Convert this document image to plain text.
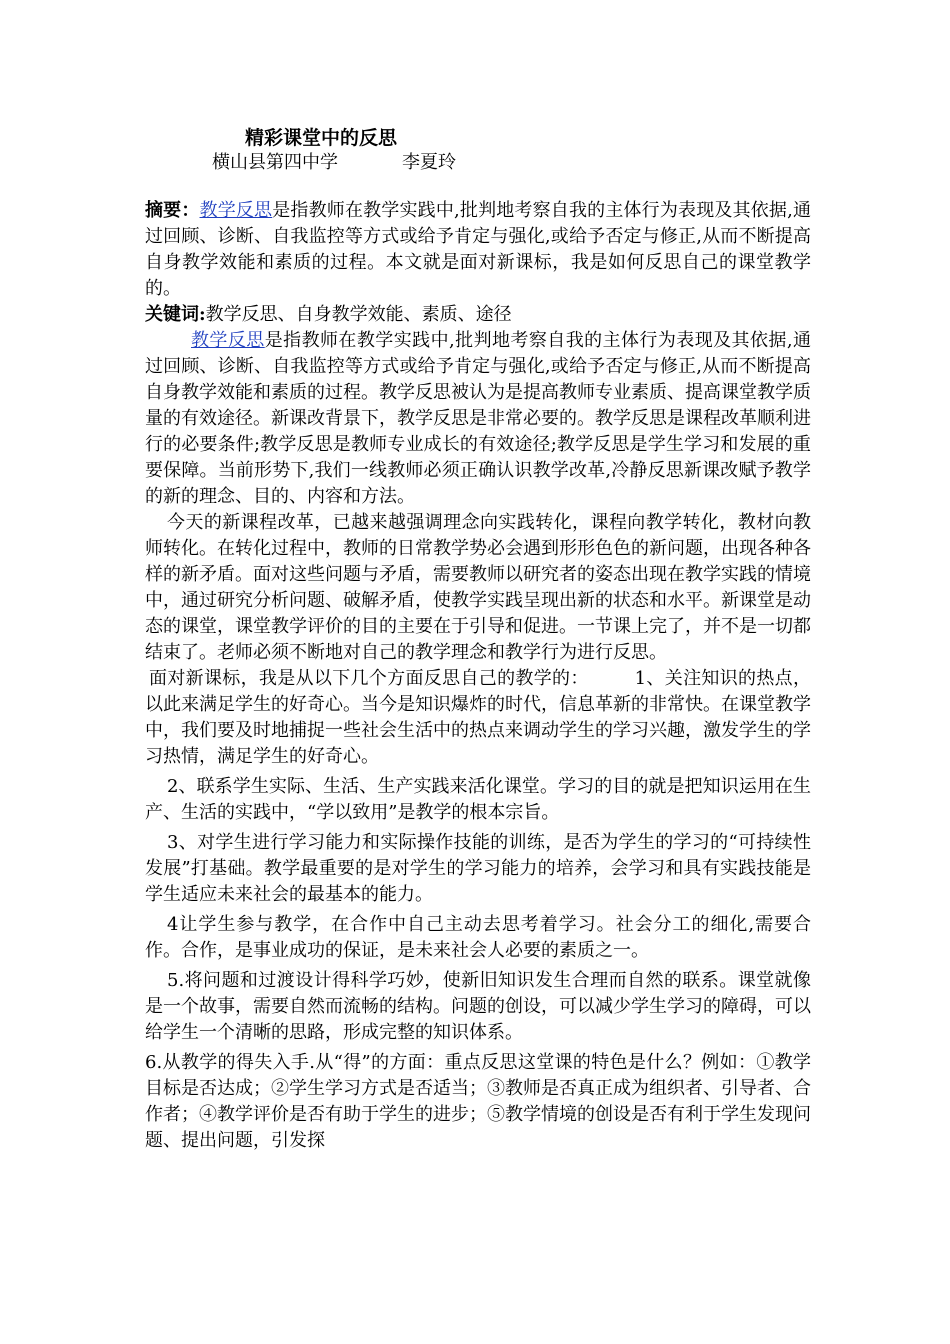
精彩课堂中的反思
横山县第四中学	李夏玲

摘要：教学反思是指教师在教学实践中,批判地考察自我的主体行为表现及其依据,通过回顾、诊断、自我监控等方式或给予肯定与强化,或给予否定与修正,从而不断提高自身教学效能和素质的过程。本文就是面对新课标，我是如何反思自己的课堂教学的。

关键词:教学反思、自身教学效能、素质、途径

教学反思是指教师在教学实践中,批判地考察自我的主体行为表现及其依据,通过回顾、诊断、自我监控等方式或给予肯定与强化,或给予否定与修正,从而不断提高自身教学效能和素质的过程。教学反思被认为是提高教师专业素质、提高课堂教学质量的有效途径。新课改背景下，教学反思是非常必要的。教学反思是课程改革顺利进行的必要条件;教学反思是教师专业成长的有效途径;教学反思是学生学习和发展的重要保障。当前形势下,我们一线教师必须正确认识教学改革,冷静反思新课改赋予教学的新的理念、目的、内容和方法。

今天的新课程改革，已越来越强调理念向实践转化，课程向教学转化，教材向教师转化。在转化过程中，教师的日常教学势必会遇到形形色色的新问题，出现各种各样的新矛盾。面对这些问题与矛盾，需要教师以研究者的姿态出现在教学实践的情境中，通过研究分析问题、破解矛盾，使教学实践呈现出新的状态和水平。新课堂是动态的课堂，课堂教学评价的目的主要在于引导和促进。一节课上完了，并不是一切都结束了。老师必须不断地对自己的教学理念和教学行为进行反思。

面对新课标，我是从以下几个方面反思自己的教学的：　　　1、关注知识的热点，以此来满足学生的好奇心。当今是知识爆炸的时代，信息革新的非常快。在课堂教学中，我们要及时地捕捉一些社会生活中的热点来调动学生的学习兴趣，激发学生的学习热情，满足学生的好奇心。

2、联系学生实际、生活、生产实践来活化课堂。学习的目的就是把知识运用在生产、生活的实践中，“学以致用”是教学的根本宗旨。

3、对学生进行学习能力和实际操作技能的训练，是否为学生的学习的“可持续性发展”打基础。教学最重要的是对学生的学习能力的培养，会学习和具有实践技能是学生适应未来社会的最基本的能力。

4让学生参与教学，在合作中自己主动去思考着学习。社会分工的细化,需要合作。合作，是事业成功的保证，是未来社会人必要的素质之一。

5.将问题和过渡设计得科学巧妙，使新旧知识发生合理而自然的联系。课堂就像是一个故事，需要自然而流畅的结构。问题的创设，可以减少学生学习的障碍，可以给学生一个清晰的思路，形成完整的知识体系。

6.从教学的得失入手.从“得”的方面：重点反思这堂课的特色是什么？例如：①教学目标是否达成；②学生学习方式是否适当；③教师是否真正成为组织者、引导者、合作者；④教学评价是否有助于学生的进步；⑤教学情境的创设是否有利于学生发现问题、提出问题，引发探
